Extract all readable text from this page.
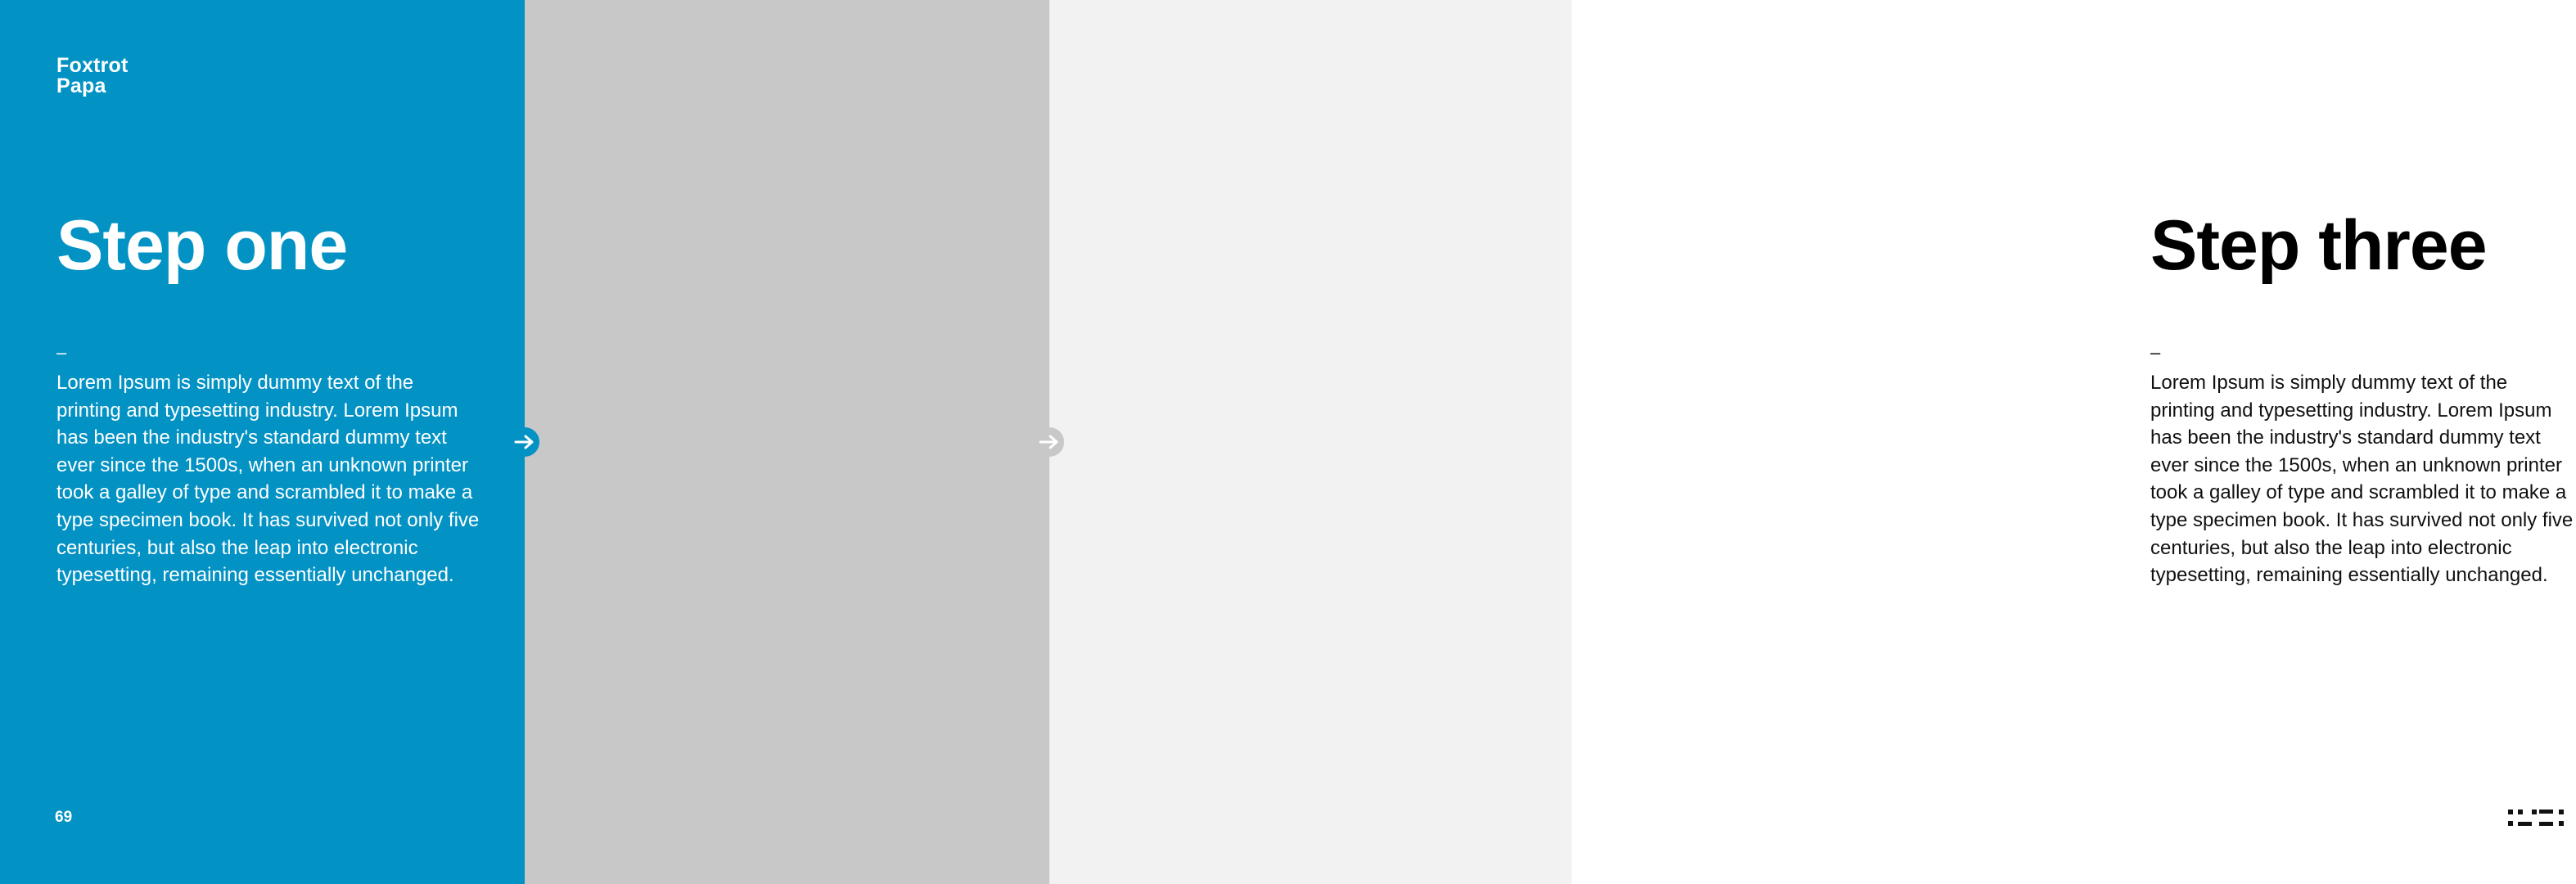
Foxtrot
Papa
Step one
–

Lorem Ipsum is simply dummy text of the printing and typesetting industry. Lorem Ipsum has been the industry's standard dummy text ever since the 1500s, when an unknown printer took a galley of type and scrambled it to make a type specimen book. It has survived not only five centuries, but also the leap into electronic typesetting, remaining essentially unchanged.

69

Step three
–

Lorem Ipsum is simply dummy text of the printing and typesetting industry. Lorem Ipsum has been the industry's standard dummy text ever since the 1500s, when an unknown printer took a galley of type and scrambled it to make a type specimen book. It has survived not only five centuries, but also the leap into electronic typesetting, remaining essentially unchanged.
